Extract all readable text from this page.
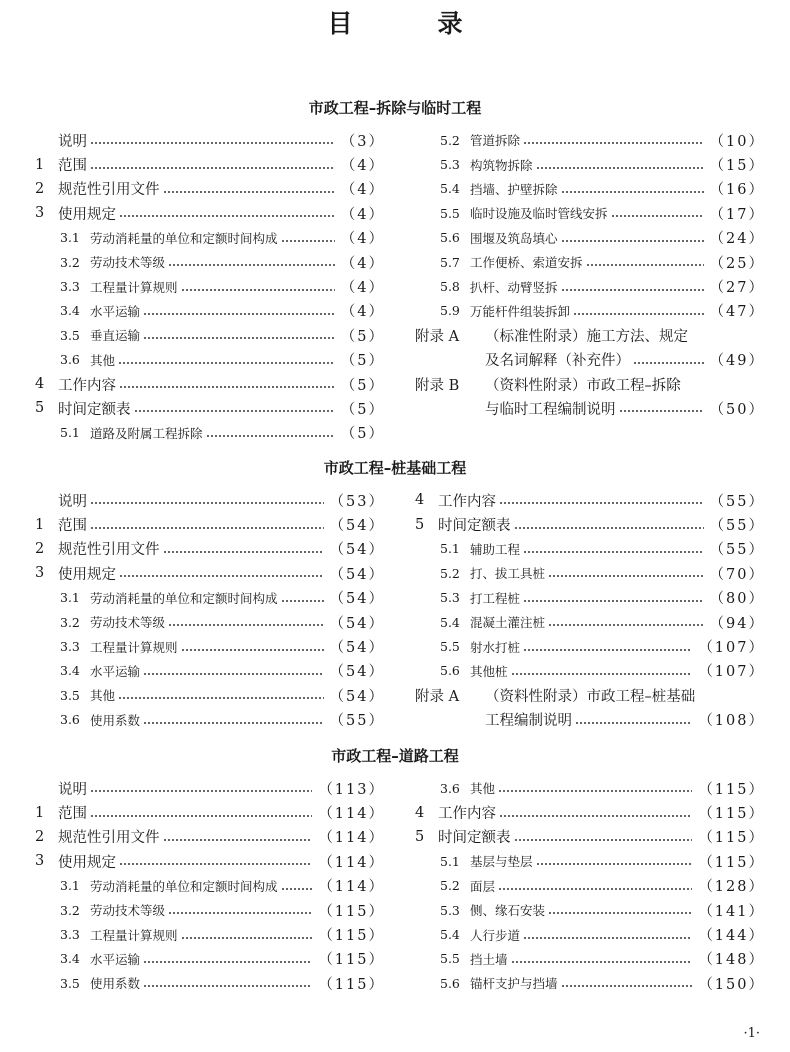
目　录
市政工程–拆除与临时工程
说明	（3）
1 范围	（4）
2 规范性引用文件	（4）
3 使用规定	（4）
3.1 劳动消耗量的单位和定额时间构成	（4）
3.2 劳动技术等级	（4）
3.3 工程量计算规则	（4）
3.4 水平运输	（4）
3.5 垂直运输	（5）
3.6 其他	（5）
4 工作内容	（5）
5 时间定额表	（5）
5.1 道路及附属工程拆除	（5）
5.2 管道拆除	（10）
5.3 构筑物拆除	（15）
5.4 挡墙、护壁拆除	（16）
5.5 临时设施及临时管线安拆	（17）
5.6 围堰及筑岛填心	（24）
5.7 工作便桥、索道安拆	（25）
5.8 扒杆、动臂竖拆	（27）
5.9 万能杆件组装拆卸	（47）
附录 A	（标准性附录）施工方法、规定
及名词解释（补充件）	（49）
附录 B	（资料性附录）市政工程–拆除
与临时工程编制说明	（50）
市政工程–桩基础工程
说明	（53）
1 范围	（54）
2 规范性引用文件	（54）
3 使用规定	（54）
3.1 劳动消耗量的单位和定额时间构成	（54）
3.2 劳动技术等级	（54）
3.3 工程量计算规则	（54）
3.4 水平运输	（54）
3.5 其他	（54）
3.6 使用系数	（55）
4 工作内容	（55）
5 时间定额表	（55）
5.1 辅助工程	（55）
5.2 打、拔工具桩	（70）
5.3 打工程桩	（80）
5.4 混凝土灌注桩	（94）
5.5 射水打桩	（107）
5.6 其他桩	（107）
附录 A	（资料性附录）市政工程–桩基础
工程编制说明	（108）
市政工程–道路工程
说明	（113）
1 范围	（114）
2 规范性引用文件	（114）
3 使用规定	（114）
3.1 劳动消耗量的单位和定额时间构成	（114）
3.2 劳动技术等级	（115）
3.3 工程量计算规则	（115）
3.4 水平运输	（115）
3.5 使用系数	（115）
3.6 其他	（115）
4 工作内容	（115）
5 时间定额表	（115）
5.1 基层与垫层	（115）
5.2 面层	（128）
5.3 侧、缘石安装	（141）
5.4 人行步道	（144）
5.5 挡土墙	（148）
5.6 锚杆支护与挡墙	（150）
·1·
